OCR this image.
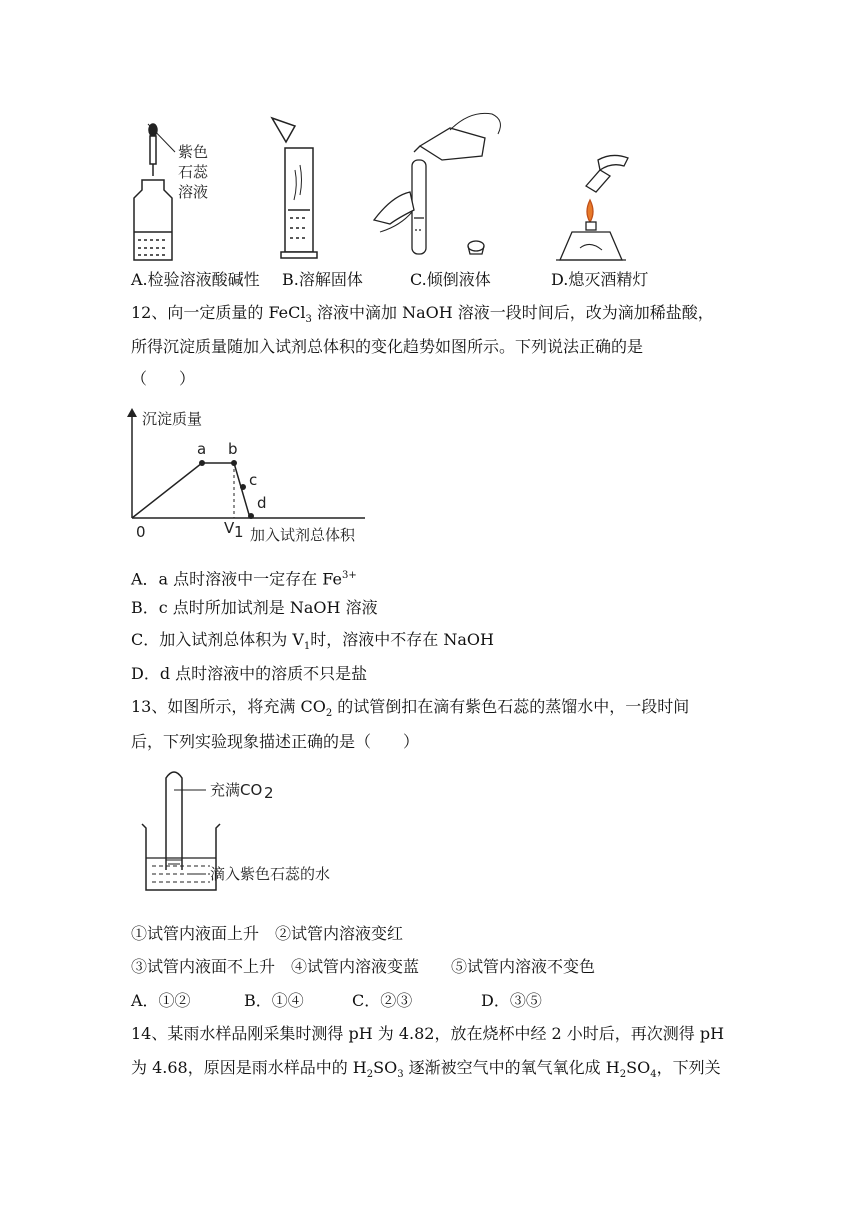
紫色
石蕊
溶液
A.检验溶液酸碱性 B.溶解固体	C.倾倒液体	D.熄灭酒精灯
12、向一定质量的 FeCl$_3$ 溶液中滴加 NaOH 溶液一段时间后，改为滴加稀盐酸，
所得沉淀质量随加入试剂总体积的变化趋势如图所示。下列说法正确的是
（　　）
沉淀质量
a b
c
d
0	V 1 加入试剂总体积
A．a 点时溶液中一定存在 $Fe^{3+}$
B．c 点时所加试剂是 NaOH 溶液
C．加入试剂总体积为 $V_1$时，溶液中不存在 NaOH
D．d 点时溶液中的溶质不只是盐
13、如图所示，将充满 $CO_2$ 的试管倒扣在滴有紫色石蕊的蒸馏水中，一段时间
后，下列实验现象描述正确的是（　　）
充满CO 2
滴入紫色石蕊的水
①试管内液面上升　②试管内溶液变红
③试管内液面不上升　④试管内溶液变蓝　　⑤试管内溶液不变色
A．①②	B．①④	C．②③	D．③⑤
14、某雨水样品刚采集时测得 pH 为 4.82，放在烧杯中经 2 小时后，再次测得 pH
为 4.68，原因是雨水样品中的 $H_2SO_3$ 逐渐被空气中的氧气氧化成 $H_2SO_4$，下列关
